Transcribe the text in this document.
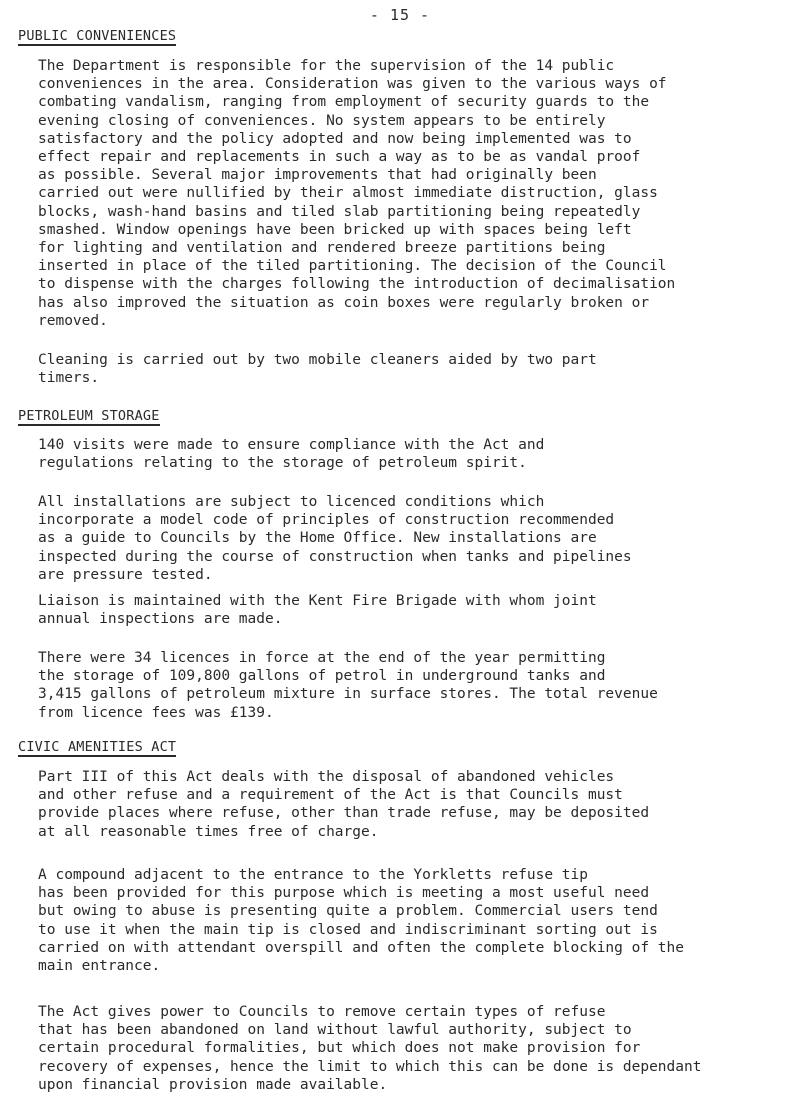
- 15 -
PUBLIC CONVENIENCES

The Department is responsible for the supervision of the 14 public
conveniences in the area. Consideration was given to the various ways of
combating vandalism, ranging from employment of security guards to the
evening closing of conveniences. No system appears to be entirely
satisfactory and the policy adopted and now being implemented was to
effect repair and replacements in such a way as to be as vandal proof
as possible. Several major improvements that had originally been
carried out were nullified by their almost immediate distruction, glass
blocks, wash-hand basins and tiled slab partitioning being repeatedly
smashed. Window openings have been bricked up with spaces being left
for lighting and ventilation and rendered breeze partitions being
inserted in place of the tiled partitioning. The decision of the Council
to dispense with the charges following the introduction of decimalisation
has also improved the situation as coin boxes were regularly broken or
removed.

Cleaning is carried out by two mobile cleaners aided by two part
timers.

PETROLEUM STORAGE

140 visits were made to ensure compliance with the Act and
regulations relating to the storage of petroleum spirit.

All installations are subject to licenced conditions which
incorporate a model code of principles of construction recommended
as a guide to Councils by the Home Office. New installations are
inspected during the course of construction when tanks and pipelines
are pressure tested.

Liaison is maintained with the Kent Fire Brigade with whom joint
annual inspections are made.

There were 34 licences in force at the end of the year permitting
the storage of 109,800 gallons of petrol in underground tanks and
3,415 gallons of petroleum mixture in surface stores. The total revenue
from licence fees was £139.

CIVIC AMENITIES ACT

Part III of this Act deals with the disposal of abandoned vehicles
and other refuse and a requirement of the Act is that Councils must
provide places where refuse, other than trade refuse, may be deposited
at all reasonable times free of charge.

A compound adjacent to the entrance to the Yorkletts refuse tip
has been provided for this purpose which is meeting a most useful need
but owing to abuse is presenting quite a problem. Commercial users tend
to use it when the main tip is closed and indiscriminant sorting out is
carried on with attendant overspill and often the complete blocking of the
main entrance.

The Act gives power to Councils to remove certain types of refuse
that has been abandoned on land without lawful authority, subject to
certain procedural formalities, but which does not make provision for
recovery of expenses, hence the limit to which this can be done is dependant
upon financial provision made available.
